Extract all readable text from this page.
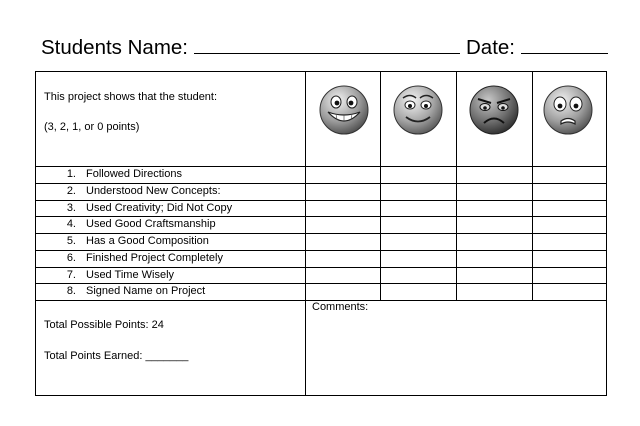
Students Name:	Date:

This project shows that the student:

(3, 2, 1, or 0 points)

1. Followed Directions
2. Understood New Concepts:
3. Used Creativity; Did Not Copy
4. Used Good Craftsmanship
5. Has a Good Composition
6. Finished Project Completely
7. Used Time Wisely
8. Signed Name on Project
Total Possible Points: 24
Total Points Earned: _______
Comments:
